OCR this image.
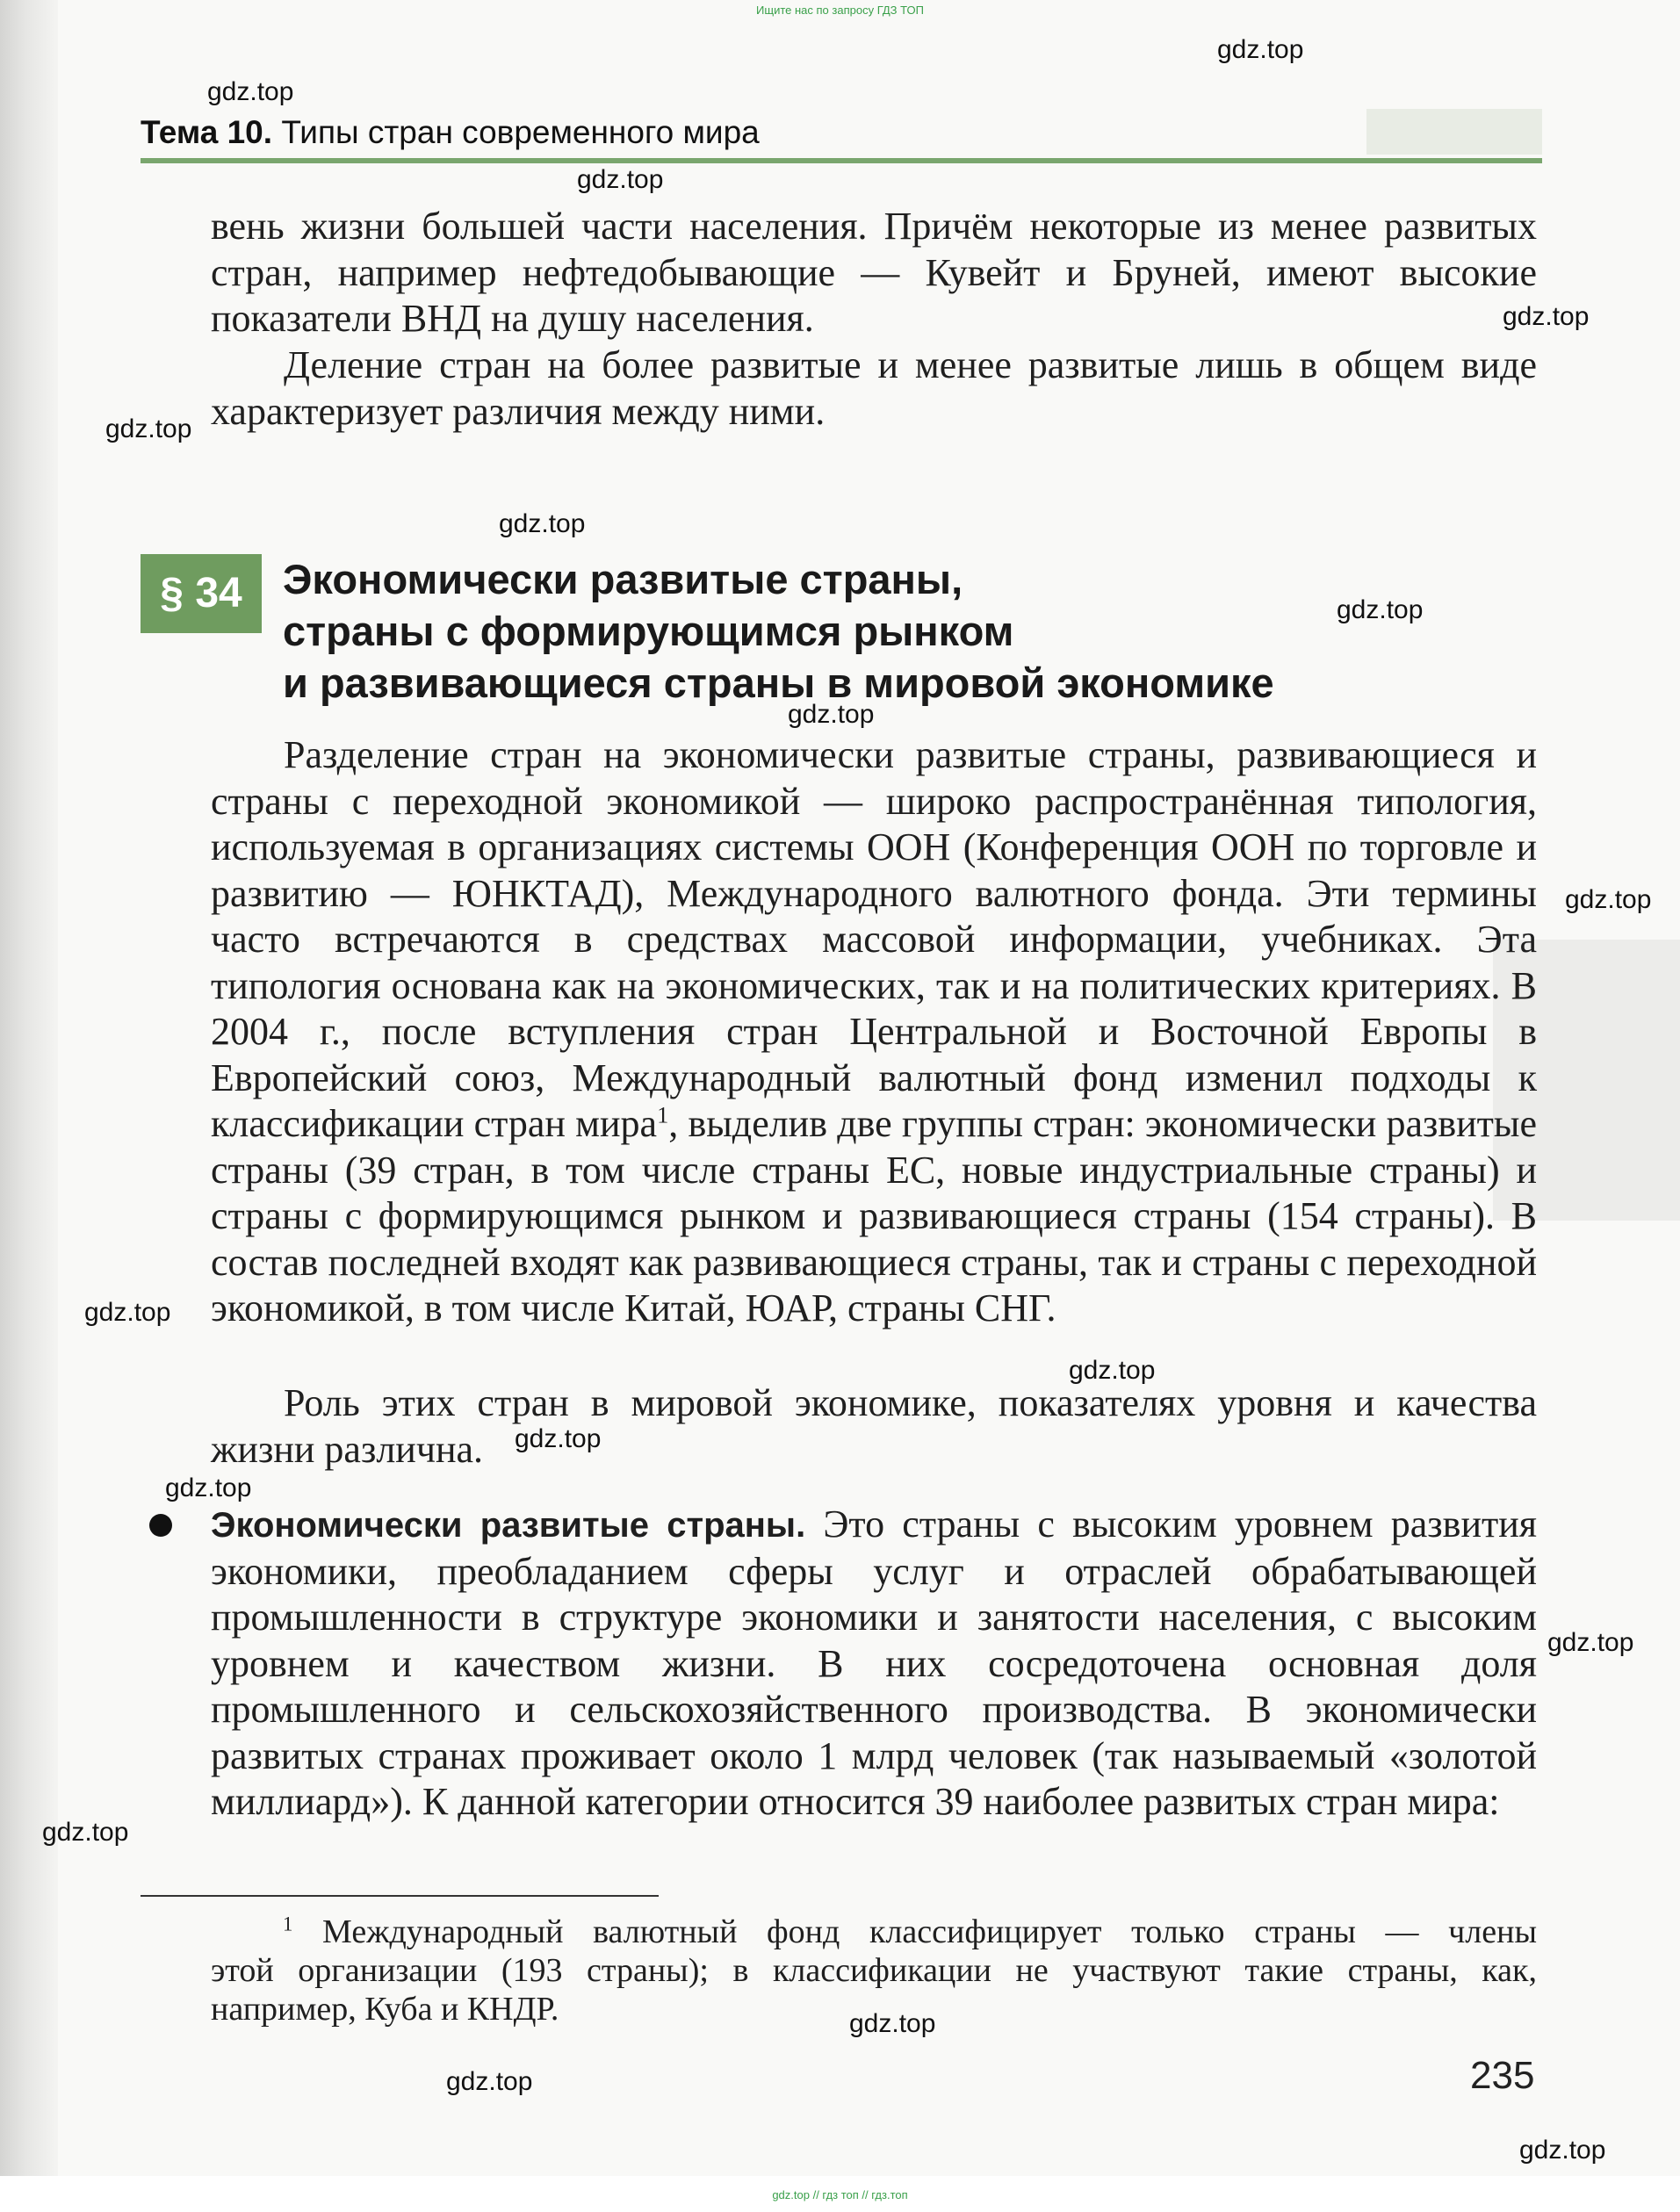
Ищите нас по запросу ГДЗ ТОП
gdz.top
gdz.top
gdz.top
gdz.top
gdz.top
gdz.top
gdz.top
gdz.top
gdz.top
gdz.top
gdz.top
gdz.top
gdz.top
gdz.top
gdz.top
gdz.top
gdz.top
gdz.top
Тема 10. Типы стран современного мира

вень жизни большей части населения. Причём некоторые из менее развитых стран, например нефтедобывающие — Кувейт и Бруней, имеют высокие показатели ВНД на душу населения.

Деление стран на более развитые и менее развитые лишь в общем виде характеризует различия между ними.

§ 34 Экономически развитые страны,
страны с формирующимся рынком
и развивающиеся страны в мировой экономике

Разделение стран на экономически развитые страны, развивающиеся и страны с переходной экономикой — широко распространённая типология, используемая в организациях системы ООН (Конференция ООН по торговле и развитию — ЮНКТАД), Международного валютного фонда. Эти термины часто встречаются в средствах массовой информации, учебниках. Эта типология основана как на экономических, так и на политических критериях. В 2004 г., после вступления стран Центральной и Восточной Европы в Европейский союз, Международный валютный фонд изменил подходы к классификации стран мира$^1$, выделив две группы стран: экономически развитые страны (39 стран, в том числе страны ЕС, новые индустриальные страны) и страны с формирующимся рынком и развивающиеся страны (154 страны). В состав последней входят как развивающиеся страны, так и страны с переходной экономикой, в том числе Китай, ЮАР, страны СНГ.

Роль этих стран в мировой экономике, показателях уровня и качества жизни различна.

Экономически развитые страны. Это страны с высоким уровнем развития экономики, преобладанием сферы услуг и отраслей обрабатывающей промышленности в структуре экономики и занятости населения, с высоким уровнем и качеством жизни. В них сосредоточена основная доля промышленного и сельскохозяйственного производства. В экономически развитых странах проживает около 1 млрд человек (так называемый «золотой миллиард»). К данной категории относится 39 наиболее развитых стран мира:

$^1$ Международный валютный фонд классифицирует только страны — члены
этой организации (193 страны); в классификации не участвуют такие страны, как,
например, Куба и КНДР.

235
gdz.top // гдз топ // гдз.топ
